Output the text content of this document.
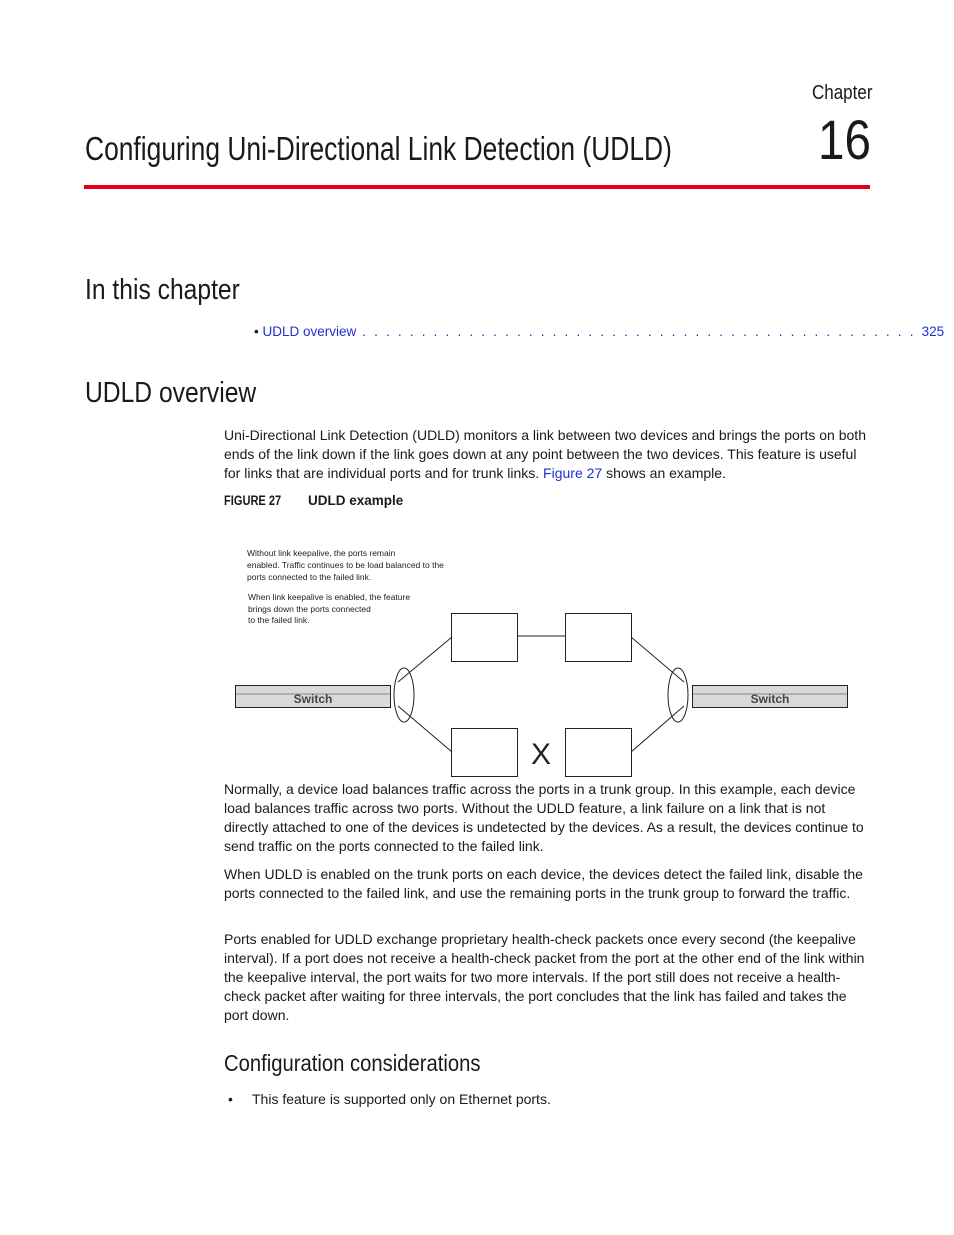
Chapter
16
Configuring Uni-Directional Link Detection (UDLD)
In this chapter
• UDLD overview . . . . . . . . . . . . . . . . . . . . . . . . . . . . . . . . . . . . . . . . . . . . . . . 325
UDLD overview

Uni-Directional Link Detection (UDLD) monitors a link between two devices and brings the ports on both ends of the link down if the link goes down at any point between the two devices. This feature is useful for links that are individual ports and for trunk links. Figure 27 shows an example.

FIGURE 27 UDLD example
Without link keepalive, the ports remain enabled. Traffic continues to be load balanced to the ports connected to the failed link.
When link keepalive is enabled, the feature brings down the ports connected to the failed link.
X
Switch	Switch

Normally, a device load balances traffic across the ports in a trunk group. In this example, each device load balances traffic across two ports. Without the UDLD feature, a link failure on a link that is not directly attached to one of the devices is undetected by the devices. As a result, the devices continue to send traffic on the ports connected to the failed link.

When UDLD is enabled on the trunk ports on each device, the devices detect the failed link, disable the ports connected to the failed link, and use the remaining ports in the trunk group to forward the traffic.

Ports enabled for UDLD exchange proprietary health-check packets once every second (the keepalive interval). If a port does not receive a health-check packet from the port at the other end of the link within the keepalive interval, the port waits for two more intervals. If the port still does not receive a health-check packet after waiting for three intervals, the port concludes that the link has failed and takes the port down.

Configuration considerations
• This feature is supported only on Ethernet ports.
